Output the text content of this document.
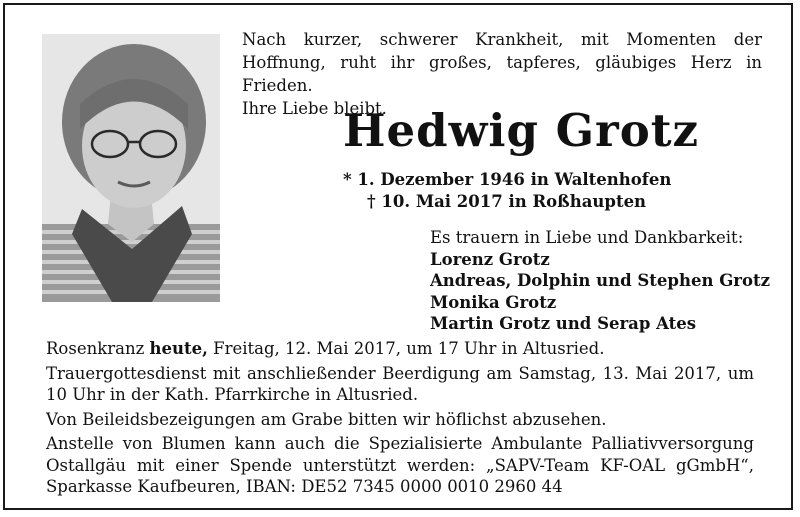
Nach kurzer, schwerer Krankheit, mit Momenten der Hoffnung, ruht ihr großes, tapferes, gläubiges Herz in Frieden.

Ihre Liebe bleibt.

Hedwig Grotz
* 1. Dezember 1946 in Waltenhofen
† 10. Mai 2017 in Roßhaupten
Es trauern in Liebe und Dankbarkeit:
Lorenz Grotz
Andreas, Dolphin und Stephen Grotz
Monika Grotz
Martin Grotz und Serap Ates

Rosenkranz heute, Freitag, 12. Mai 2017, um 17 Uhr in Altusried.

Trauergottesdienst mit anschließender Beerdigung am Samstag, 13. Mai 2017, um 10 Uhr in der Kath. Pfarrkirche in Altusried.

Von Beileidsbezeigungen am Grabe bitten wir höflichst abzusehen.

Anstelle von Blumen kann auch die Spezialisierte Ambulante Palliativversorgung Ostallgäu mit einer Spende unterstützt werden: „SAPV-Team KF-OAL gGmbH“, Sparkasse Kaufbeuren, IBAN: DE52 7345 0000 0010 2960 44
